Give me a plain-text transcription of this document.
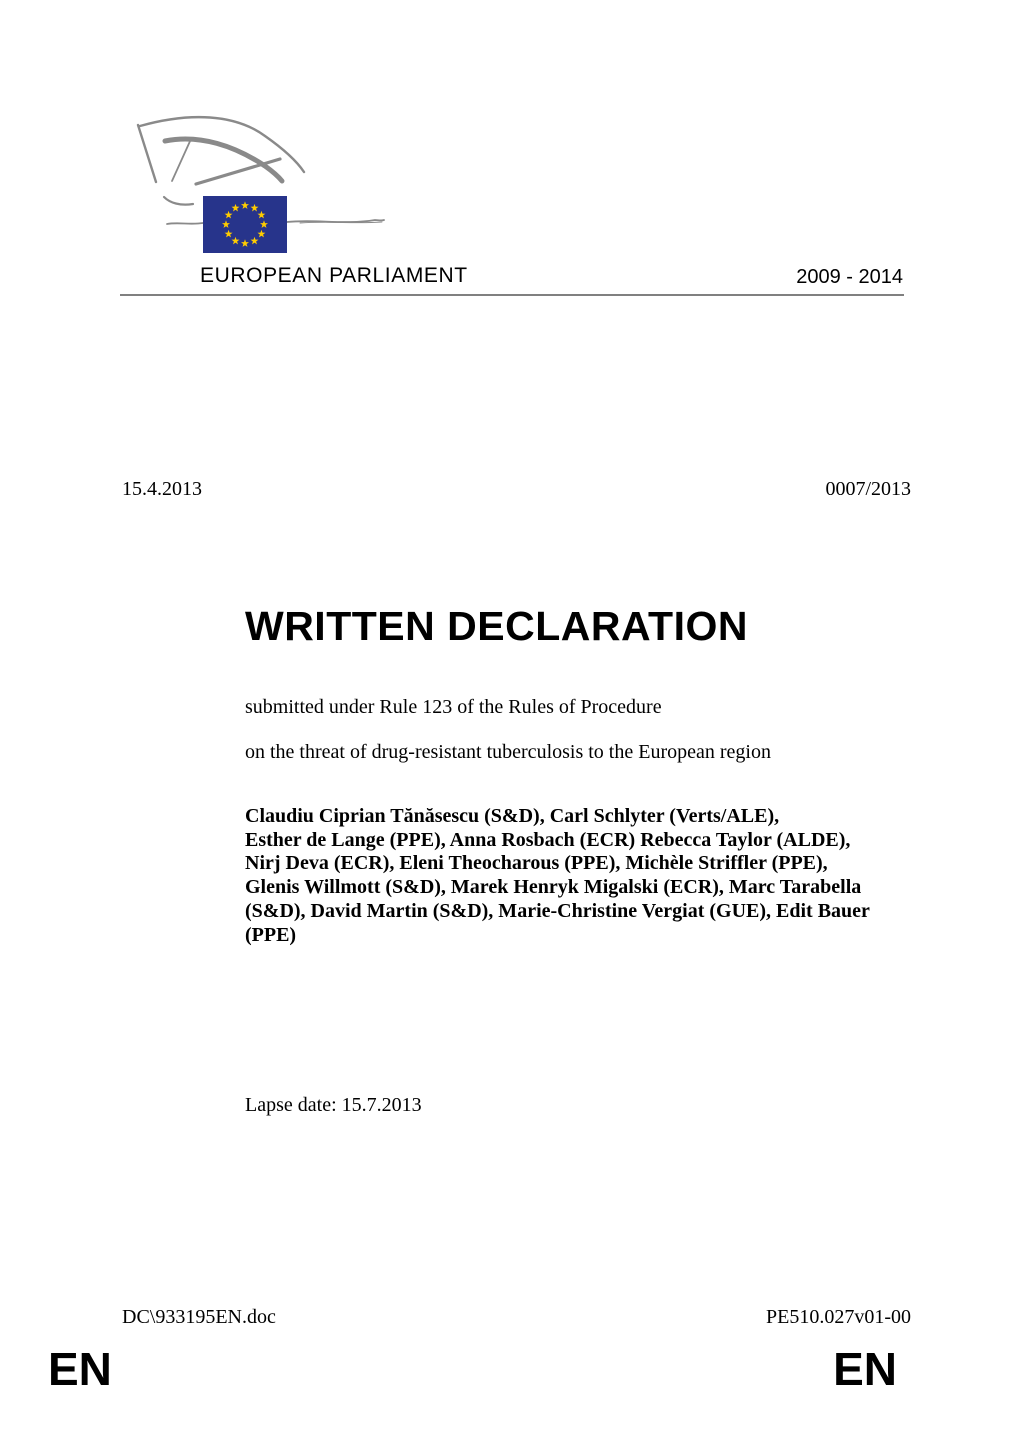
EUROPEAN PARLIAMENT	2009 - 2014
15.4.2013	0007/2013
WRITTEN DECLARATION
submitted under Rule 123 of the Rules of Procedure
on the threat of drug-resistant tuberculosis to the European region
Claudiu Ciprian Tănăsescu (S&D), Carl Schlyter (Verts/ALE),
Esther de Lange (PPE), Anna Rosbach (ECR) Rebecca Taylor (ALDE),
Nirj Deva (ECR), Eleni Theocharous (PPE), Michèle Striffler (PPE),
Glenis Willmott (S&D), Marek Henryk Migalski (ECR), Marc Tarabella
(S&D), David Martin (S&D), Marie-Christine Vergiat (GUE), Edit Bauer
(PPE)
Lapse date: 15.7.2013
DC\933195EN.doc	PE510.027v01-00
EN	EN
